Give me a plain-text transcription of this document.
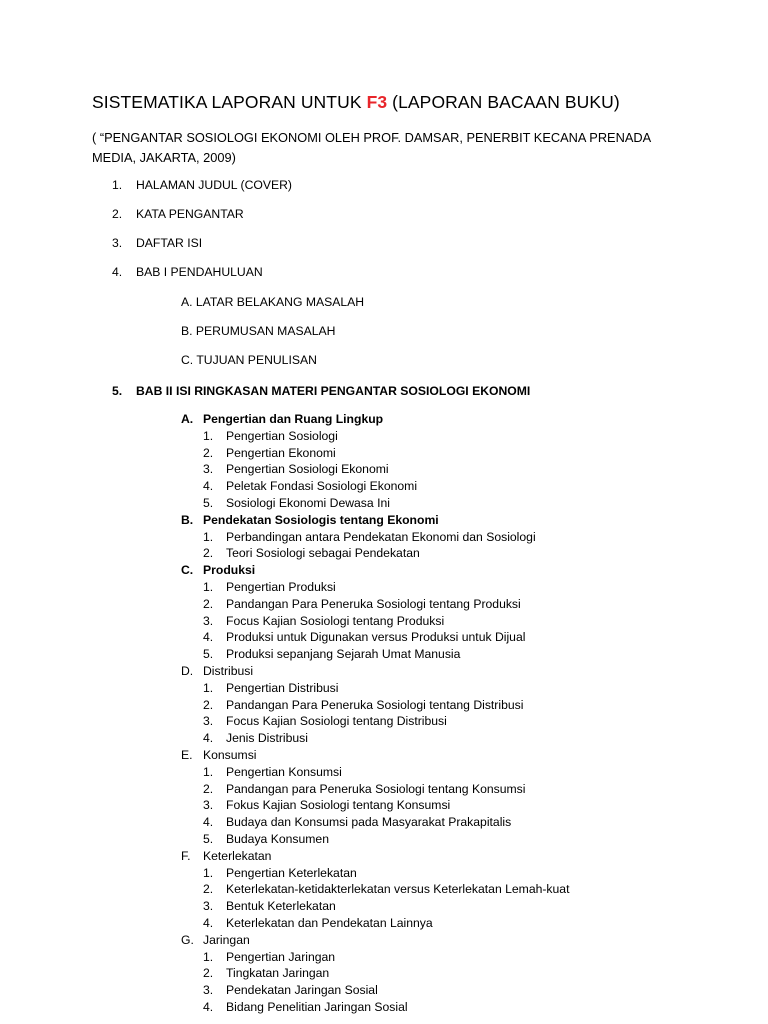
SISTEMATIKA LAPORAN UNTUK F3 (LAPORAN BACAAN BUKU)
( “PENGANTAR SOSIOLOGI EKONOMI OLEH PROF. DAMSAR, PENERBIT KECANA PRENADA MEDIA, JAKARTA, 2009)
1. HALAMAN JUDUL (COVER)
2. KATA PENGANTAR
3. DAFTAR ISI
4. BAB I PENDAHULUAN
A. LATAR BELAKANG MASALAH
B. PERUMUSAN MASALAH
C. TUJUAN PENULISAN
5. BAB II ISI RINGKASAN MATERI PENGANTAR SOSIOLOGI EKONOMI
A. Pengertian dan Ruang Lingkup
1. Pengertian Sosiologi
2. Pengertian Ekonomi
3. Pengertian Sosiologi Ekonomi
4. Peletak Fondasi Sosiologi Ekonomi
5. Sosiologi Ekonomi Dewasa Ini
B. Pendekatan Sosiologis tentang Ekonomi
1. Perbandingan antara Pendekatan Ekonomi dan Sosiologi
2. Teori Sosiologi sebagai Pendekatan
C. Produksi
1. Pengertian Produksi
2. Pandangan Para Peneruka Sosiologi tentang Produksi
3. Focus Kajian Sosiologi tentang Produksi
4. Produksi untuk Digunakan versus Produksi untuk Dijual
5. Produksi sepanjang Sejarah Umat Manusia
D. Distribusi
1. Pengertian Distribusi
2. Pandangan Para Peneruka Sosiologi tentang Distribusi
3. Focus Kajian Sosiologi tentang Distribusi
4. Jenis Distribusi
E. Konsumsi
1. Pengertian Konsumsi
2. Pandangan para Peneruka Sosiologi tentang Konsumsi
3. Fokus Kajian Sosiologi tentang Konsumsi
4. Budaya dan Konsumsi pada Masyarakat Prakapitalis
5. Budaya Konsumen
F. Keterlekatan
1. Pengertian Keterlekatan
2. Keterlekatan-ketidakterlekatan versus Keterlekatan Lemah-kuat
3. Bentuk Keterlekatan
4. Keterlekatan dan Pendekatan Lainnya
G. Jaringan
1. Pengertian Jaringan
2. Tingkatan Jaringan
3. Pendekatan Jaringan Sosial
4. Bidang Penelitian Jaringan Sosial
